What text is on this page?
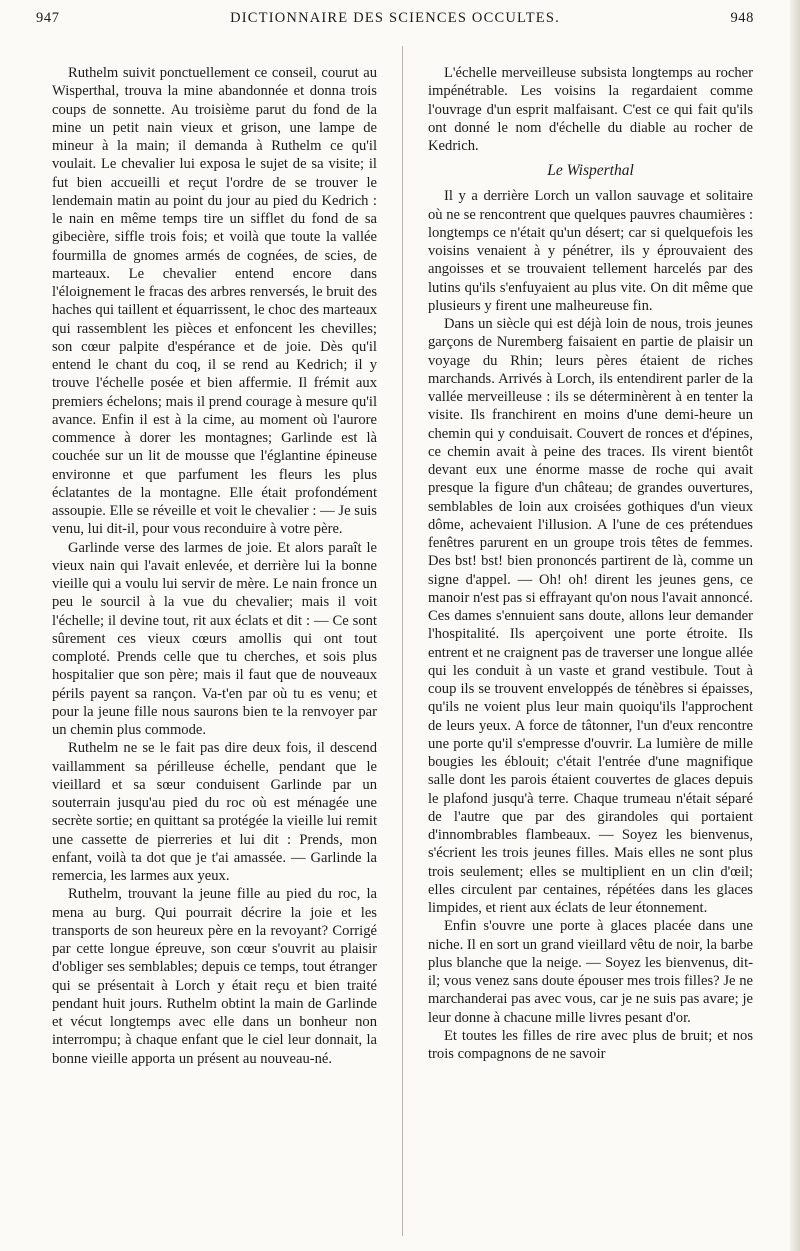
947	DICTIONNAIRE DES SCIENCES OCCULTES.	948

Ruthelm suivit ponctuellement ce conseil, courut au Wisperthal, trouva la mine abandonnée et donna trois coups de sonnette. Au troisième parut du fond de la mine un petit nain vieux et grison, une lampe de mineur à la main; il demanda à Ruthelm ce qu'il voulait. Le chevalier lui exposa le sujet de sa visite; il fut bien accueilli et reçut l'ordre de se trouver le lendemain matin au point du jour au pied du Kedrich : le nain en même temps tire un sifflet du fond de sa gibecière, siffle trois fois; et voilà que toute la vallée fourmilla de gnomes armés de cognées, de scies, de marteaux. Le chevalier entend encore dans l'éloignement le fracas des arbres renversés, le bruit des haches qui taillent et équarrissent, le choc des marteaux qui rassemblent les pièces et enfoncent les chevilles; son cœur palpite d'espérance et de joie. Dès qu'il entend le chant du coq, il se rend au Kedrich; il y trouve l'échelle posée et bien affermie. Il frémit aux premiers échelons; mais il prend courage à mesure qu'il avance. Enfin il est à la cime, au moment où l'aurore commence à dorer les montagnes; Garlinde est là couchée sur un lit de mousse que l'églantine épineuse environne et que parfument les fleurs les plus éclatantes de la montagne. Elle était profondément assoupie. Elle se réveille et voit le chevalier : — Je suis venu, lui dit-il, pour vous reconduire à votre père.

Garlinde verse des larmes de joie. Et alors paraît le vieux nain qui l'avait enlevée, et derrière lui la bonne vieille qui a voulu lui servir de mère. Le nain fronce un peu le sourcil à la vue du chevalier; mais il voit l'échelle; il devine tout, rit aux éclats et dit : — Ce sont sûrement ces vieux cœurs amollis qui ont tout comploté. Prends celle que tu cherches, et sois plus hospitalier que son père; mais il faut que de nouveaux périls payent sa rançon. Va-t'en par où tu es venu; et pour la jeune fille nous saurons bien te la renvoyer par un chemin plus commode.

Ruthelm ne se le fait pas dire deux fois, il descend vaillamment sa périlleuse échelle, pendant que le vieillard et sa sœur conduisent Garlinde par un souterrain jusqu'au pied du roc où est ménagée une secrète sortie; en quittant sa protégée la vieille lui remit une cassette de pierreries et lui dit : Prends, mon enfant, voilà ta dot que je t'ai amassée. — Garlinde la remercia, les larmes aux yeux.

Ruthelm, trouvant la jeune fille au pied du roc, la mena au burg. Qui pourrait décrire la joie et les transports de son heureux père en la revoyant? Corrigé par cette longue épreuve, son cœur s'ouvrit au plaisir d'obliger ses semblables; depuis ce temps, tout étranger qui se présentait à Lorch y était reçu et bien traité pendant huit jours. Ruthelm obtint la main de Garlinde et vécut longtemps avec elle dans un bonheur non interrompu; à chaque enfant que le ciel leur donnait, la bonne vieille apporta un présent au nouveau-né.

L'échelle merveilleuse subsista longtemps au rocher impénétrable. Les voisins la regardaient comme l'ouvrage d'un esprit malfaisant. C'est ce qui fait qu'ils ont donné le nom d'échelle du diable au rocher de Kedrich.

Le Wisperthal

Il y a derrière Lorch un vallon sauvage et solitaire où ne se rencontrent que quelques pauvres chaumières : longtemps ce n'était qu'un désert; car si quelquefois les voisins venaient à y pénétrer, ils y éprouvaient des angoisses et se trouvaient tellement harcelés par des lutins qu'ils s'enfuyaient au plus vite. On dit même que plusieurs y firent une malheureuse fin.

Dans un siècle qui est déjà loin de nous, trois jeunes garçons de Nuremberg faisaient en partie de plaisir un voyage du Rhin; leurs pères étaient de riches marchands. Arrivés à Lorch, ils entendirent parler de la vallée merveilleuse : ils se déterminèrent à en tenter la visite. Ils franchirent en moins d'une demi-heure un chemin qui y conduisait. Couvert de ronces et d'épines, ce chemin avait à peine des traces. Ils virent bientôt devant eux une énorme masse de roche qui avait presque la figure d'un château; de grandes ouvertures, semblables de loin aux croisées gothiques d'un vieux dôme, achevaient l'illusion. A l'une de ces prétendues fenêtres parurent en un groupe trois têtes de femmes. Des bst! bst! bien prononcés partirent de là, comme un signe d'appel. — Oh! oh! dirent les jeunes gens, ce manoir n'est pas si effrayant qu'on nous l'avait annoncé. Ces dames s'ennuient sans doute, allons leur demander l'hospitalité. Ils aperçoivent une porte étroite. Ils entrent et ne craignent pas de traverser une longue allée qui les conduit à un vaste et grand vestibule. Tout à coup ils se trouvent enveloppés de ténèbres si épaisses, qu'ils ne voient plus leur main quoiqu'ils l'approchent de leurs yeux. A force de tâtonner, l'un d'eux rencontre une porte qu'il s'empresse d'ouvrir. La lumière de mille bougies les éblouit; c'était l'entrée d'une magnifique salle dont les parois étaient couvertes de glaces depuis le plafond jusqu'à terre. Chaque trumeau n'était séparé de l'autre que par des girandoles qui portaient d'innombrables flambeaux. — Soyez les bienvenus, s'écrient les trois jeunes filles. Mais elles ne sont plus trois seulement; elles se multiplient en un clin d'œil; elles circulent par centaines, répétées dans les glaces limpides, et rient aux éclats de leur étonnement.

Enfin s'ouvre une porte à glaces placée dans une niche. Il en sort un grand vieillard vêtu de noir, la barbe plus blanche que la neige. — Soyez les bienvenus, dit-il; vous venez sans doute épouser mes trois filles? Je ne marchanderai pas avec vous, car je ne suis pas avare; je leur donne à chacune mille livres pesant d'or.

Et toutes les filles de rire avec plus de bruit; et nos trois compagnons de ne savoir
